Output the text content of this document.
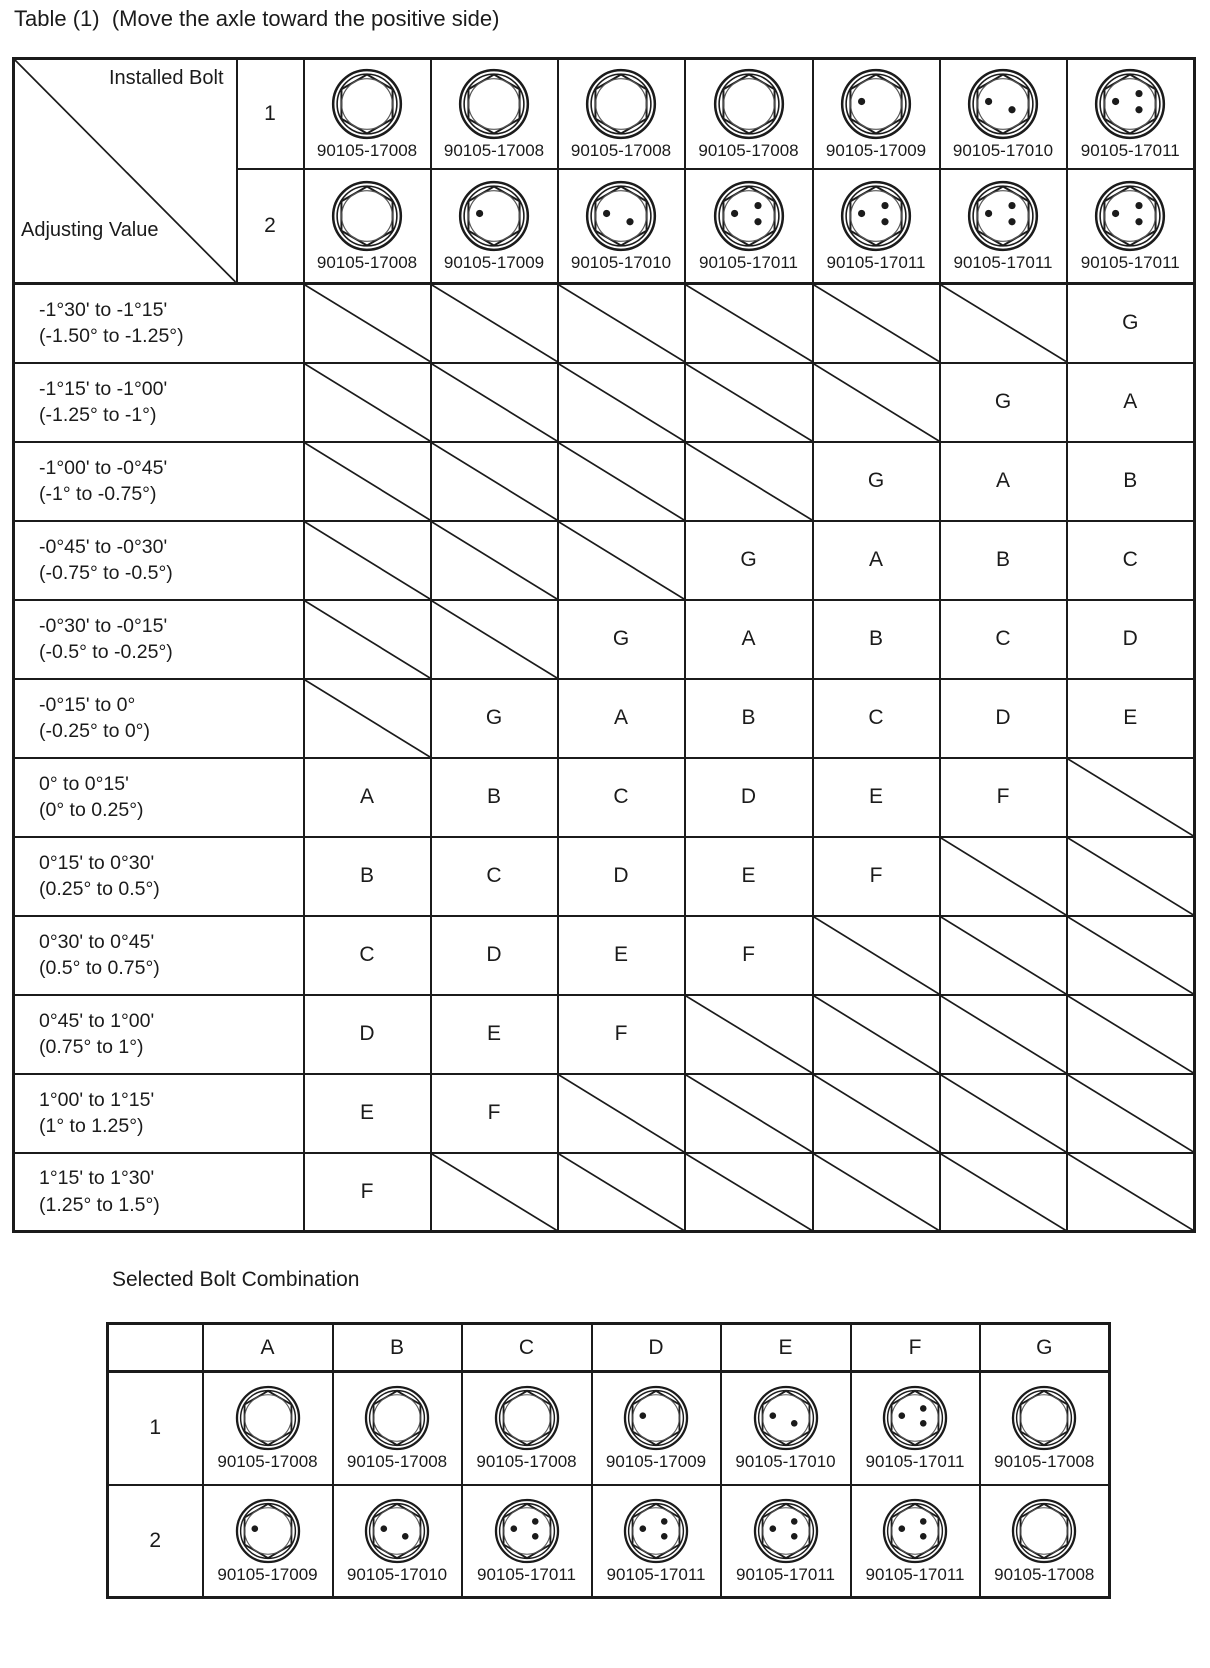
Table (1)  (Move the axle toward the positive side)
Installed Bolt
Adjusting Value	1	90105-17008	90105-17008	90105-17008	90105-17008	90105-17009	90105-17010	90105-17011

	2	90105-17008	90105-17009	90105-17010	90105-17011	90105-17011	90105-17011	90105-17011

-1°30' to -1°15'
(-1.50° to -1.25°)								G

-1°15' to -1°00'
(-1.25° to -1°)							G	A

-1°00' to -0°45'
(-1° to -0.75°)						G	A	B

-0°45' to -0°30'
(-0.75° to -0.5°)					G	A	B	C

-0°30' to -0°15'
(-0.5° to -0.25°)				G	A	B	C	D

-0°15' to 0°
(-0.25° to 0°)			G	A	B	C	D	E

0° to 0°15'
(0° to 0.25°)		A	B	C	D	E	F	

0°15' to 0°30'
(0.25° to 0.5°)		B	C	D	E	F	

0°30' to 0°45'
(0.5° to 0.75°)		C	D	E	F	

0°45' to 1°00'
(0.75° to 1°)		D	E	F	

1°00' to 1°15'
(1° to 1.25°)		E	F	

1°15' to 1°30'
(1.25° to 1.5°)		F	

Selected Bolt Combination
	A	B	C	D	E	F	G
1	90105-17008	90105-17008	90105-17008	90105-17009	90105-17010	90105-17011	90105-17008

2	90105-17009	90105-17010	90105-17011	90105-17011	90105-17011	90105-17011	90105-17008
